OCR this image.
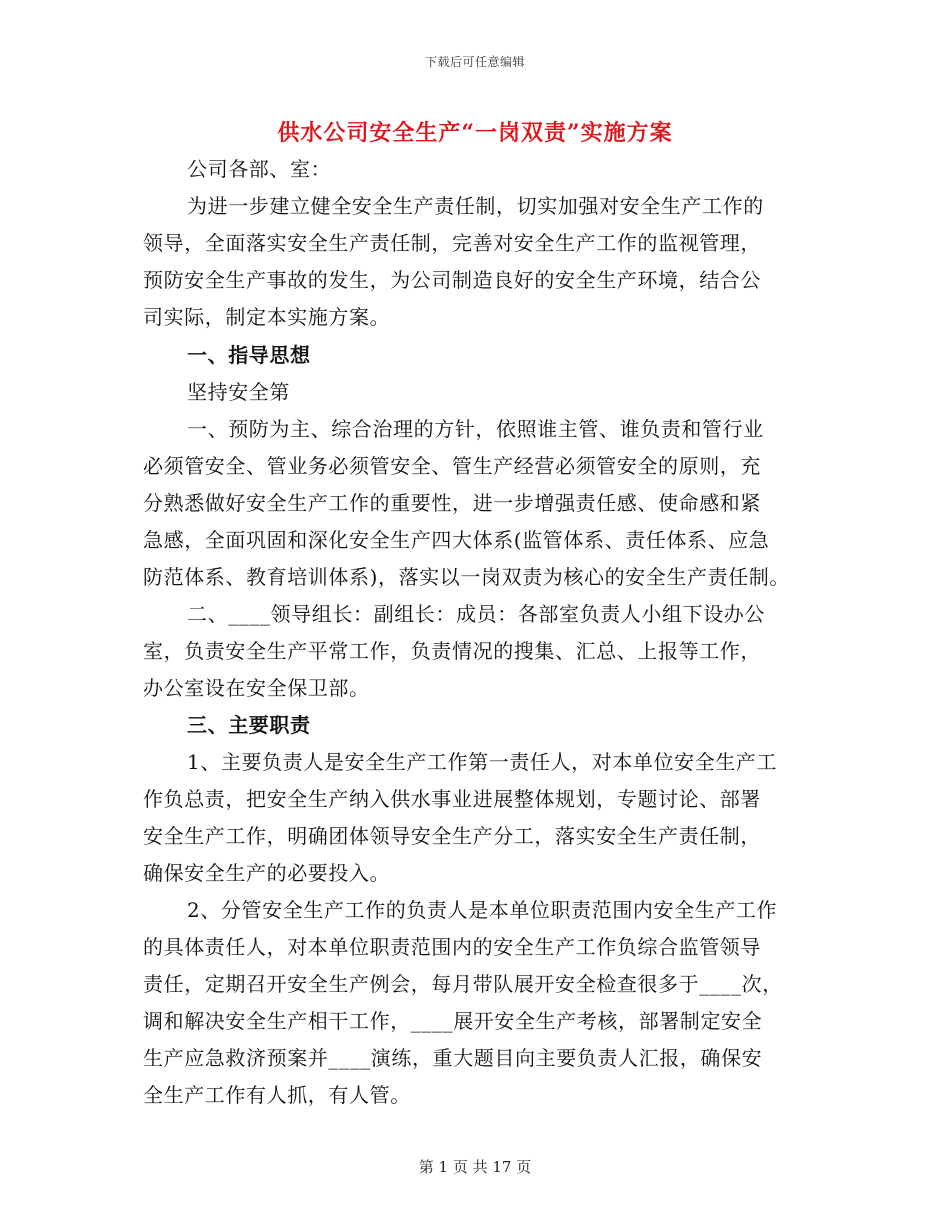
下载后可任意编辑
供水公司安全生产“一岗双责”实施方案
公司各部、室：
为进一步建立健全安全生产责任制，切实加强对安全生产工作的
领导，全面落实安全生产责任制，完善对安全生产工作的监视管理，
预防安全生产事故的发生，为公司制造良好的安全生产环境，结合公
司实际，制定本实施方案。
一、指导思想
坚持安全第
一、预防为主、综合治理的方针，依照谁主管、谁负责和管行业
必须管安全、管业务必须管安全、管生产经营必须管安全的原则，充
分熟悉做好安全生产工作的重要性，进一步增强责任感、使命感和紧
急感，全面巩固和深化安全生产四大体系(监管体系、责任体系、应急
防范体系、教育培训体系)，落实以一岗双责为核心的安全生产责任制。
二、____领导组长：副组长：成员：各部室负责人小组下设办公
室，负责安全生产平常工作，负责情况的搜集、汇总、上报等工作，
办公室设在安全保卫部。
三、主要职责
1、主要负责人是安全生产工作第一责任人，对本单位安全生产工
作负总责，把安全生产纳入供水事业进展整体规划，专题讨论、部署
安全生产工作，明确团体领导安全生产分工，落实安全生产责任制，
确保安全生产的必要投入。
2、分管安全生产工作的负责人是本单位职责范围内安全生产工作
的具体责任人，对本单位职责范围内的安全生产工作负综合监管领导
责任，定期召开安全生产例会，每月带队展开安全检查很多于____次，
调和解决安全生产相干工作，____展开安全生产考核，部署制定安全
生产应急救济预案并____演练，重大题目向主要负责人汇报，确保安
全生产工作有人抓，有人管。
第 1 页 共 17 页
